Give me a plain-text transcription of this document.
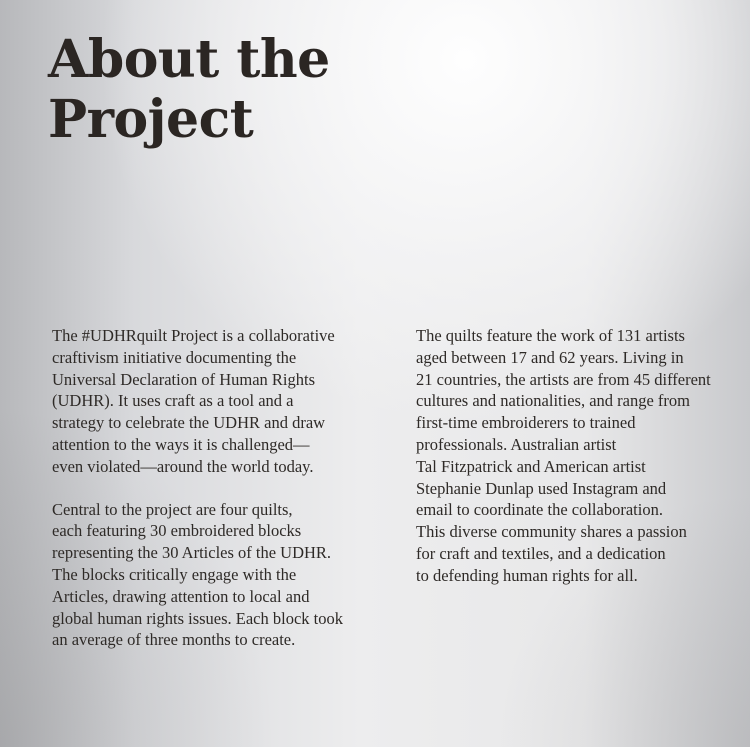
About the
Project

The #UDHRquilt Project is a collaborative
craftivism initiative documenting the
Universal Declaration of Human Rights
(UDHR). It uses craft as a tool and a
strategy to celebrate the UDHR and draw
attention to the ways it is challenged—
even violated—around the world today.

Central to the project are four quilts,
each featuring 30 embroidered blocks
representing the 30 Articles of the UDHR.
The blocks critically engage with the
Articles, drawing attention to local and
global human rights issues. Each block took
an average of three months to create.

The quilts feature the work of 131 artists
aged between 17 and 62 years. Living in
21 countries, the artists are from 45 different
cultures and nationalities, and range from
first-time embroiderers to trained
professionals. Australian artist
Tal Fitzpatrick and American artist
Stephanie Dunlap used Instagram and
email to coordinate the collaboration.
This diverse community shares a passion
for craft and textiles, and a dedication
to defending human rights for all.
